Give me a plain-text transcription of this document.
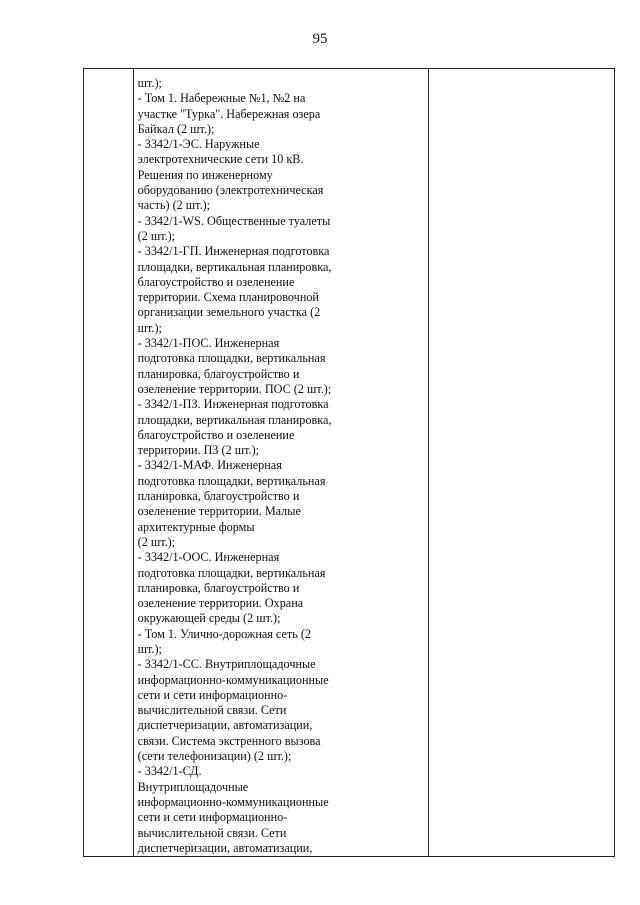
95

шт.);
- Том 1. Набережные №1, №2 на
участке "Турка". Набережная озера
Байкал (2 шт.);
- 3342/1-ЭС. Наружные
электротехнические сети 10 кВ.
Решения по инженерному
оборудованию (электротехническая
часть) (2 шт.);
- 3342/1-WS. Общественные туалеты
(2 шт.);
- 3342/1-ГП. Инженерная подготовка
площадки, вертикальная планировка,
благоустройство и озеленение
территории. Схема планировочной
организации земельного участка (2
шт.);
- 3342/1-ПОС. Инженерная
подготовка площадки, вертикальная
планировка, благоустройство и
озеленение территории. ПОС (2 шт.);
- 3342/1-ПЗ. Инженерная подготовка
площадки, вертикальная планировка,
благоустройство и озеленение
территории. ПЗ (2 шт.);
- 3342/1-МАФ. Инженерная
подготовка площадки, вертикальная
планировка, благоустройство и
озеленение территории. Малые
архитектурные формы
(2 шт.);
- 3342/1-ООС. Инженерная
подготовка площадки, вертикальная
планировка, благоустройство и
озеленение территории. Охрана
окружающей среды (2 шт.);
- Том 1. Улично-дорожная сеть (2
шт.);
- 3342/1-СС. Внутриплощадочные
информационно-коммуникационные
сети и сети информационно-
вычислительной связи. Сети
диспетчеризации, автоматизации,
связи. Система экстренного вызова
(сети телефонизации) (2 шт.);
- 3342/1-СД.
Внутриплощадочные
информационно-коммуникационные
сети и сети информационно-
вычислительной связи. Сети
диспетчеризации, автоматизации,
